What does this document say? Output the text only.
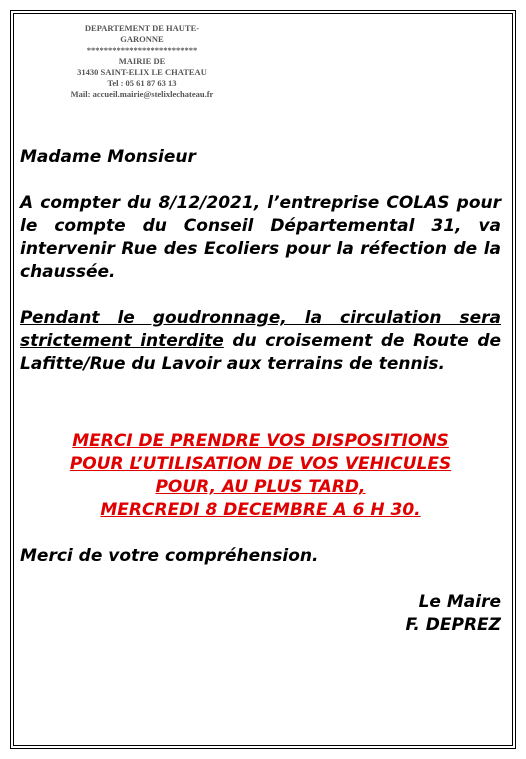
DEPARTEMENT DE HAUTE-
GARONNE
**************************
MAIRIE DE
31430 SAINT-ELIX LE CHATEAU
Tel : 05 61 87 63 13
Mail: accueil.mairie@stelixlechateau.fr

Madame Monsieur

A compter du 8/12/2021, l’entreprise COLAS pour le compte du Conseil Départemental 31, va intervenir Rue des Ecoliers pour la réfection de la chaussée.

Pendant le goudronnage, la circulation sera strictement interdite du croisement de Route de Lafitte/Rue du Lavoir aux terrains de tennis.

MERCI DE PRENDRE VOS DISPOSITIONS
POUR L’UTILISATION DE VOS VEHICULES
POUR, AU PLUS TARD,
MERCREDI 8 DECEMBRE A 6 H 30.

Merci de votre compréhension.

Le Maire
F. DEPREZ
